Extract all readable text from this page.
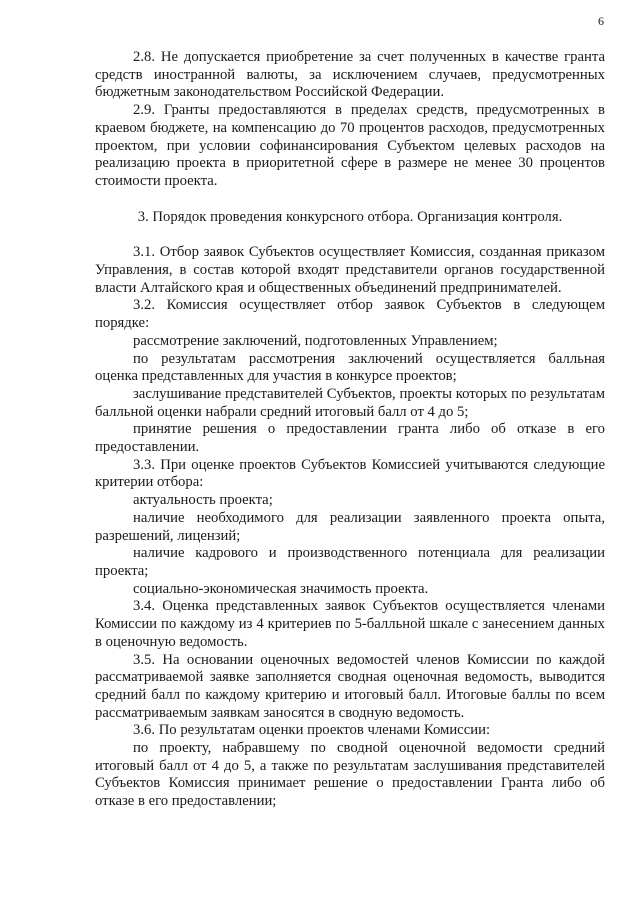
6

2.8. Не допускается приобретение за счет полученных в качестве гранта средств иностранной валюты, за исключением случаев, предусмотренных бюджетным законодательством Российской Федерации.

2.9. Гранты предоставляются в пределах средств, предусмотренных в краевом бюджете, на компенсацию до 70 процентов расходов, предусмотренных проектом, при условии софинансирования Субъектом целевых расходов на реализацию проекта в приоритетной сфере в размере не менее 30 процентов стоимости проекта.

3. Порядок проведения конкурсного отбора. Организация контроля.

3.1. Отбор заявок Субъектов осуществляет Комиссия, созданная приказом Управления, в состав которой входят представители органов государственной власти Алтайского края и общественных объединений предпринимателей.

3.2. Комиссия осуществляет отбор заявок Субъектов в следующем порядке:

рассмотрение заключений, подготовленных Управлением;

по результатам рассмотрения заключений осуществляется балльная оценка представленных для участия в конкурсе проектов;

заслушивание представителей Субъектов, проекты которых по результатам балльной оценки набрали средний итоговый балл от 4 до 5;

принятие решения о предоставлении гранта либо об отказе в его предоставлении.

3.3. При оценке проектов Субъектов Комиссией учитываются следующие критерии отбора:

актуальность проекта;

наличие необходимого для реализации заявленного проекта опыта, разрешений, лицензий;

наличие кадрового и производственного потенциала для реализации проекта;

социально-экономическая значимость проекта.

3.4. Оценка представленных заявок Субъектов осуществляется членами Комиссии по каждому из 4 критериев по 5-балльной шкале с занесением данных в оценочную ведомость.

3.5. На основании оценочных ведомостей членов Комиссии по каждой рассматриваемой заявке заполняется сводная оценочная ведомость, выводится средний балл по каждому критерию и итоговый балл. Итоговые баллы по всем рассматриваемым заявкам заносятся в сводную ведомость.

3.6. По результатам оценки проектов членами Комиссии:

по проекту, набравшему по сводной оценочной ведомости средний итоговый балл от 4 до 5, а также по результатам заслушивания представителей Субъектов Комиссия принимает решение о предоставлении Гранта либо об отказе в его предоставлении;
